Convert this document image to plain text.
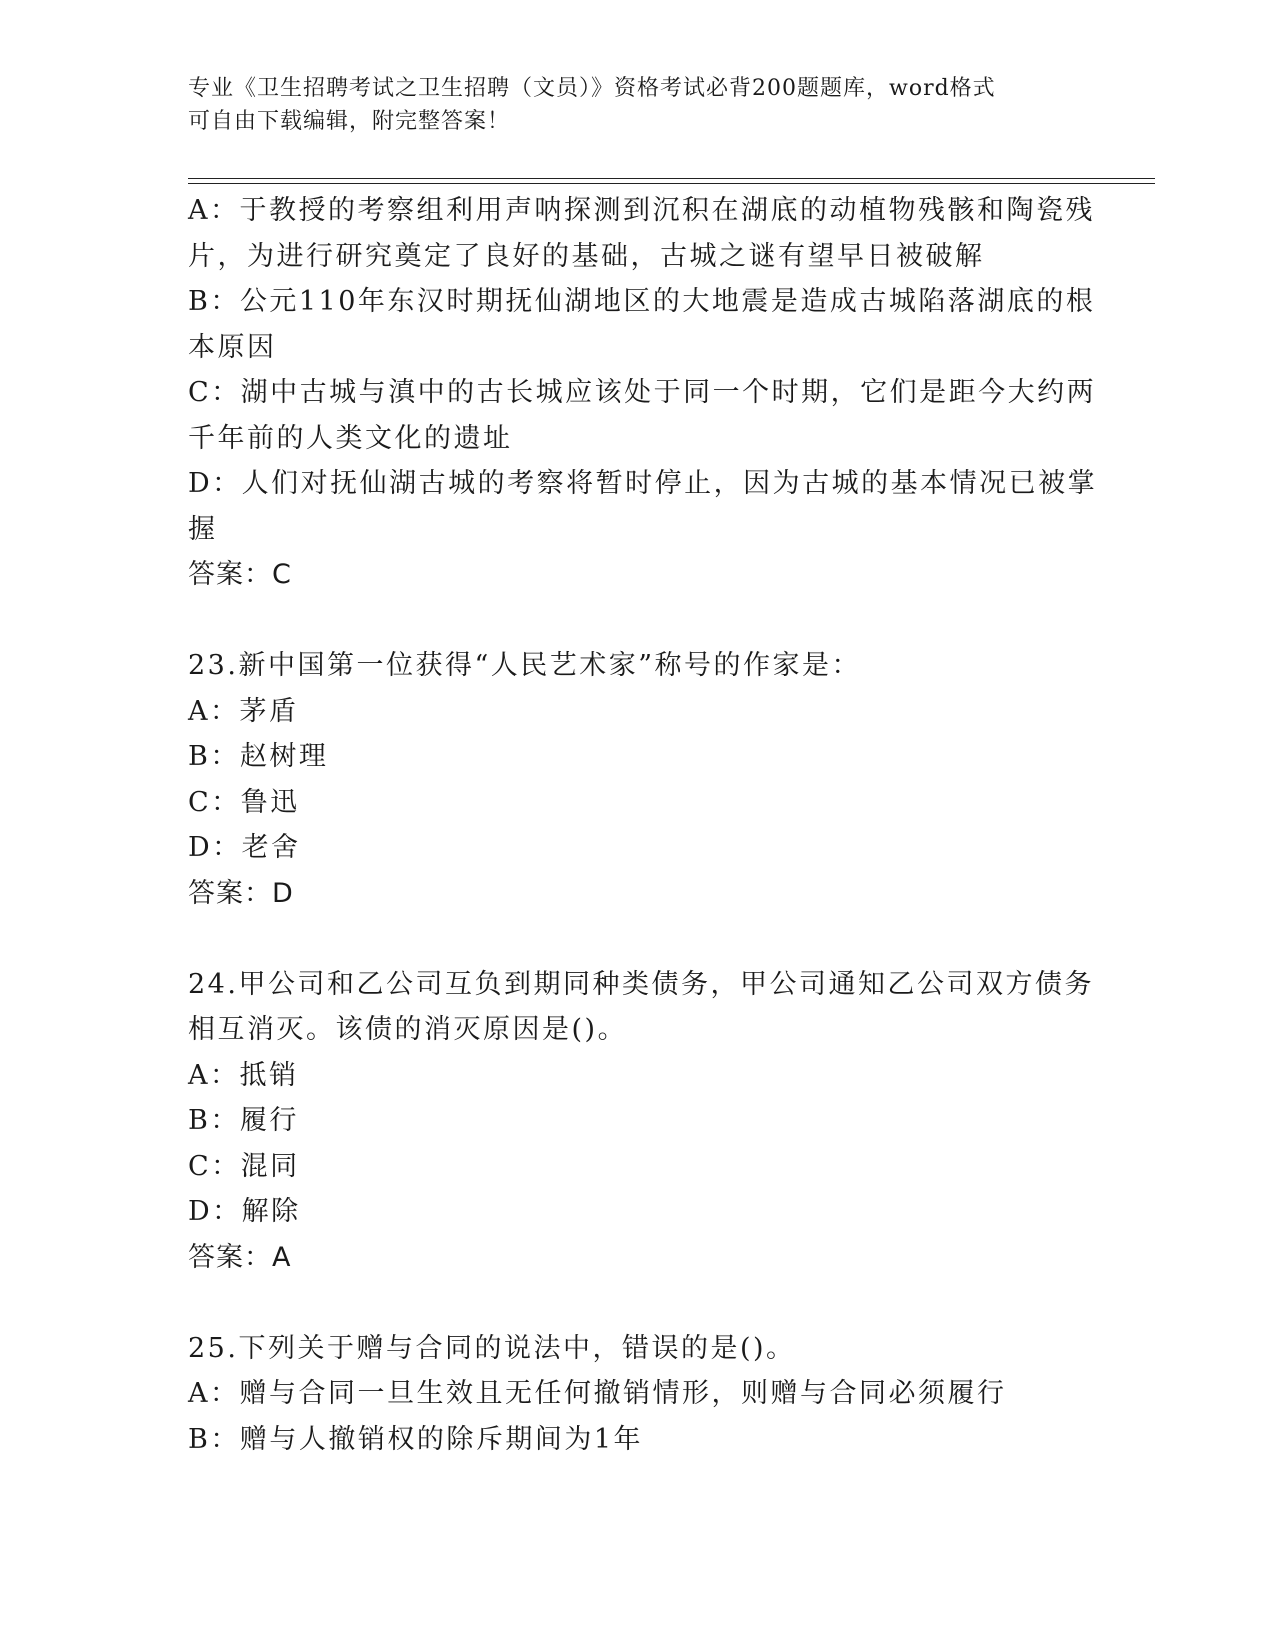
专业《卫生招聘考试之卫生招聘（文员）》资格考试必背200题题库，word格式
可自由下载编辑，附完整答案！
A：于教授的考察组利用声呐探测到沉积在湖底的动植物残骸和陶瓷残
片，为进行研究奠定了良好的基础，古城之谜有望早日被破解
B：公元110年东汉时期抚仙湖地区的大地震是造成古城陷落湖底的根
本原因
C：湖中古城与滇中的古长城应该处于同一个时期，它们是距今大约两
千年前的人类文化的遗址
D：人们对抚仙湖古城的考察将暂时停止，因为古城的基本情况已被掌
握
答案：C
23.新中国第一位获得“人民艺术家”称号的作家是：
A：茅盾
B：赵树理
C：鲁迅
D：老舍
答案：D
24.甲公司和乙公司互负到期同种类债务，甲公司通知乙公司双方债务
相互消灭。该债的消灭原因是()。
A：抵销
B：履行
C：混同
D：解除
答案：A
25.下列关于赠与合同的说法中，错误的是()。
A：赠与合同一旦生效且无任何撤销情形，则赠与合同必须履行
B：赠与人撤销权的除斥期间为1年
